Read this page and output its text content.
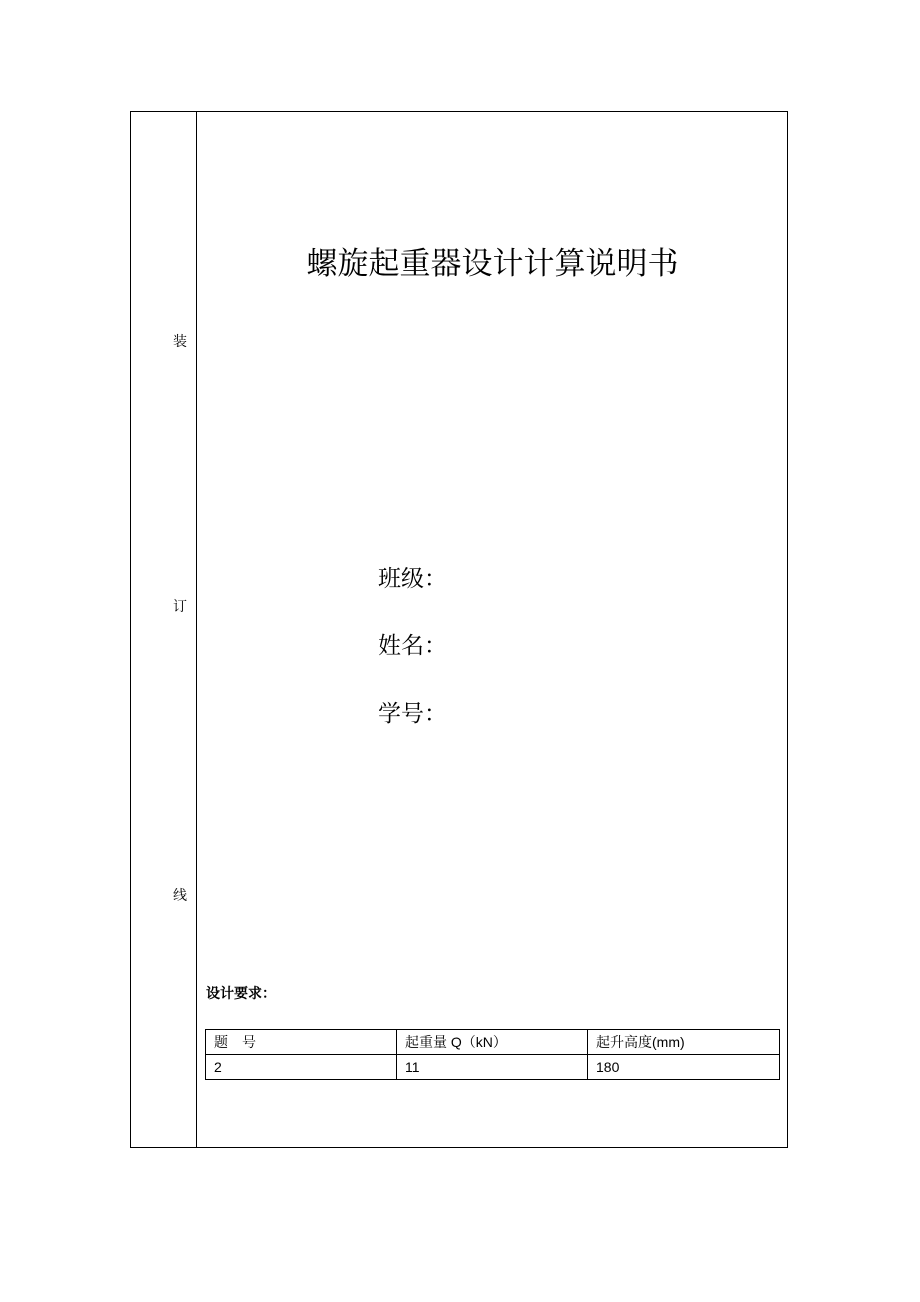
装
订
线
螺旋起重器设计计算说明书
班级：
姓名：
学号：
设计要求：
题　号	起重量 Q（kN）	起升高度(mm)
2	11	180
